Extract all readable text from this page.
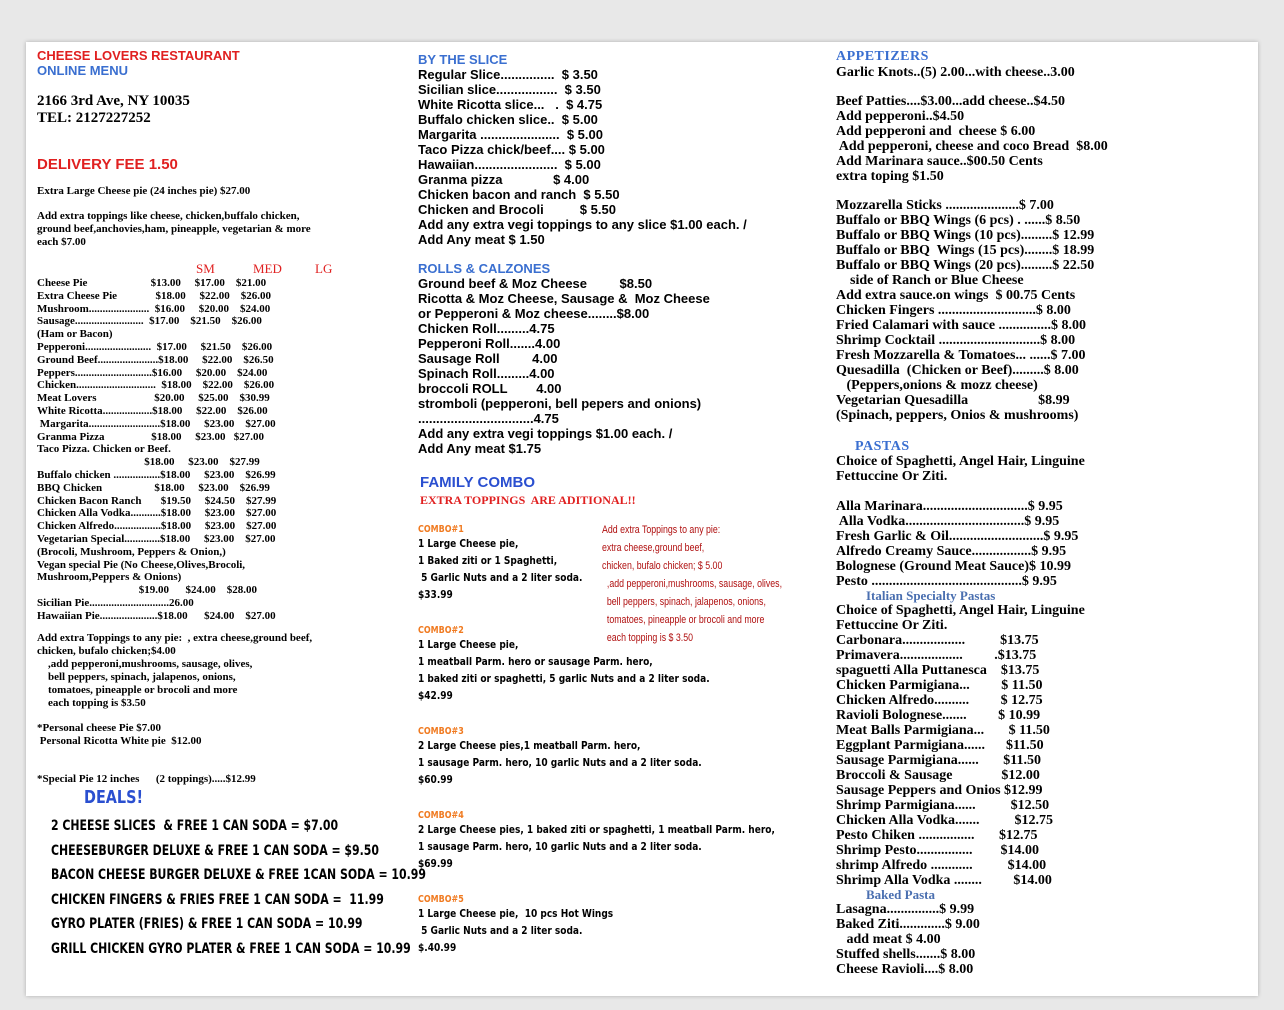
CHEESE LOVERS RESTAURANT
ONLINE MENU
2166 3rd Ave, NY 10035
TEL: 2127227252
DELIVERY FEE 1.50
Extra Large Cheese pie (24 inches pie) $27.00
Add extra toppings like cheese, chicken,buffalo chicken,
ground beef,anchovies,ham, pineapple, vegetarian & more
each $7.00
SM	MED	LG
Cheese Pie                       $13.00     $17.00    $21.00
Extra Cheese Pie              $18.00     $22.00    $26.00
Mushroom......................  $16.00     $20.00    $24.00
Sausage.........................  $17.00    $21.50    $26.00
(Ham or Bacon)
Pepperoni........................  $17.00     $21.50    $26.00
Ground Beef......................$18.00     $22.00    $26.50
Peppers............................$16.00     $20.00    $24.00
Chicken.............................  $18.00    $22.00    $26.00
Meat Lovers                     $20.00     $25.00    $30.99
White Ricotta..................$18.00     $22.00    $26.00
Margarita..........................$18.00     $23.00    $27.00
Granma Pizza                 $18.00     $23.00   $27.00
Taco Pizza. Chicken or Beef.
$18.00     $23.00    $27.99
Buffalo chicken .................$18.00     $23.00    $26.99
BBQ Chicken                   $18.00     $23.00    $26.99
Chicken Bacon Ranch       $19.50     $24.50    $27.99
Chicken Alla Vodka...........$18.00     $23.00    $27.00
Chicken Alfredo.................$18.00     $23.00    $27.00
Vegetarian Special.............$18.00     $23.00    $27.00
(Brocoli, Mushroom, Peppers & Onion,)
Vegan special Pie (No Cheese,Olives,Brocoli,
Mushroom,Peppers & Onions)
$19.00      $24.00    $28.00
Sicilian Pie.............................26.00
Hawaiian Pie.....................$18.00      $24.00    $27.00
Add extra Toppings to any pie:  , extra cheese,ground beef,
chicken, bufalo chicken;$4.00
,add pepperoni,mushrooms, sausage, olives,
bell peppers, spinach, jalapenos, onions,
tomatoes, pineapple or brocoli and more
each topping is $3.50
*Personal cheese Pie $7.00
Personal Ricotta White pie  $12.00
*Special Pie 12 inches      (2 toppings).....$12.99
DEALS!
2 CHEESE SLICES  & FREE 1 CAN SODA = $7.00
CHEESEBURGER DELUXE & FREE 1 CAN SODA = $9.50
BACON CHEESE BURGER DELUXE & FREE 1CAN SODA = 10.99
CHICKEN FINGERS & FRIES FREE 1 CAN SODA =  11.99
GYRO PLATER (FRIES) & FREE 1 CAN SODA = 10.99
GRILL CHICKEN GYRO PLATER & FREE 1 CAN SODA = 10.99
BY THE SLICE
Regular Slice...............  $ 3.50
Sicilian slice.................  $ 3.50
White Ricotta slice...   .  $ 4.75
Buffalo chicken slice..  $ 5.00
Margarita ......................  $ 5.00
Taco Pizza chick/beef.... $ 5.00
Hawaiian.......................  $ 5.00
Granma pizza              $ 4.00
Chicken bacon and ranch  $ 5.50
Chicken and Brocoli          $ 5.50
Add any extra vegi toppings to any slice $1.00 each. /
Add Any meat $ 1.50
ROLLS & CALZONES
Ground beef & Moz Cheese         $8.50
Ricotta & Moz Cheese, Sausage &  Moz Cheese
or Pepperoni & Moz cheese........$8.00
Chicken Roll.........4.75
Pepperoni Roll.......4.00
Sausage Roll         4.00
Spinach Roll.........4.00
broccoli ROLL        4.00
stromboli (pepperoni, bell pepers and onions)
................................4.75
Add any extra vegi toppings $1.00 each. /
Add Any meat $1.75
FAMILY COMBO
EXTRA TOPPINGS  ARE ADITIONAL!!
COMBO#1
1 Large Cheese pie,
1 Baked ziti or 1 Spaghetti,
5 Garlic Nuts and a 2 liter soda.
$33.99
COMBO#2
1 Large Cheese pie,
1 meatball Parm. hero or sausage Parm. hero,
1 baked ziti or spaghetti, 5 garlic Nuts and a 2 liter soda.
$42.99
COMBO#3
2 Large Cheese pies,1 meatball Parm. hero,
1 sausage Parm. hero, 10 garlic Nuts and a 2 liter soda.
$60.99
COMBO#4
2 Large Cheese pies, 1 baked ziti or spaghetti, 1 meatball Parm. hero,
1 sausage Parm. hero, 10 garlic Nuts and a 2 liter soda.
$69.99
COMBO#5
1 Large Cheese pie,  10 pcs Hot Wings
5 Garlic Nuts and a 2 liter soda.
$.40.99
Add extra Toppings to any pie:
extra cheese,ground beef,
chicken, bufalo chicken; $ 5.00
,add pepperoni,mushrooms, sausage, olives,
bell peppers, spinach, jalapenos, onions,
tomatoes, pineapple or brocoli and more
each topping is $ 3.50
APPETIZERS
Garlic Knots..(5) 2.00...with cheese..3.00
Beef Patties....$3.00...add cheese..$4.50
Add pepperoni..$4.50
Add pepperoni and  cheese $ 6.00
Add pepperoni, cheese and coco Bread  $8.00
Add Marinara sauce..$00.50 Cents
extra toping $1.50
Mozzarella Sticks .....................$ 7.00
Buffalo or BBQ Wings (6 pcs) . ......$ 8.50
Buffalo or BBQ Wings (10 pcs).........$ 12.99
Buffalo or BBQ  Wings (15 pcs)........$ 18.99
Buffalo or BBQ Wings (20 pcs).........$ 22.50
side of Ranch or Blue Cheese
Add extra sauce.on wings  $ 00.75 Cents
Chicken Fingers ............................$ 8.00
Fried Calamari with sauce ...............$ 8.00
Shrimp Cocktail .............................$ 8.00
Fresh Mozzarella & Tomatoes... ......$ 7.00
Quesadilla  (Chicken or Beef).........$ 8.00
(Peppers,onions & mozz cheese)
Vegetarian Quesadilla                    $8.99
(Spinach, peppers, Onios & mushrooms)
PASTAS
Choice of Spaghetti, Angel Hair, Linguine
Fettuccine Or Ziti.
Alla Marinara..............................$ 9.95
Alla Vodka..................................$ 9.95
Fresh Garlic & Oil...........................$ 9.95
Alfredo Creamy Sauce.................$ 9.95
Bolognese (Ground Meat Sauce)$ 10.99
Pesto ...........................................$ 9.95
Italian Specialty Pastas
Choice of Spaghetti, Angel Hair, Linguine
Fettuccine Or Ziti.
Carbonara..................          $13.75
Primavera..................         .$13.75
spaguetti Alla Puttanesca    $13.75
Chicken Parmigiana...         $ 11.50
Chicken Alfredo..........         $ 12.75
Ravioli Bolognese.......         $ 10.99
Meat Balls Parmigiana...       $ 11.50
Eggplant Parmigiana......      $11.50
Sausage Parmigiana......       $11.50
Broccoli & Sausage              $12.00
Sausage Peppers and Onios $12.99
Shrimp Parmigiana......          $12.50
Chicken Alla Vodka.......          $12.75
Pesto Chiken ................       $12.75
Shrimp Pesto................        $14.00
shrimp Alfredo ............          $14.00
Shrimp Alla Vodka ........         $14.00
Baked Pasta
Lasagna...............$ 9.99
Baked Ziti.............$ 9.00
add meat $ 4.00
Stuffed shells.......$ 8.00
Cheese Ravioli....$ 8.00
